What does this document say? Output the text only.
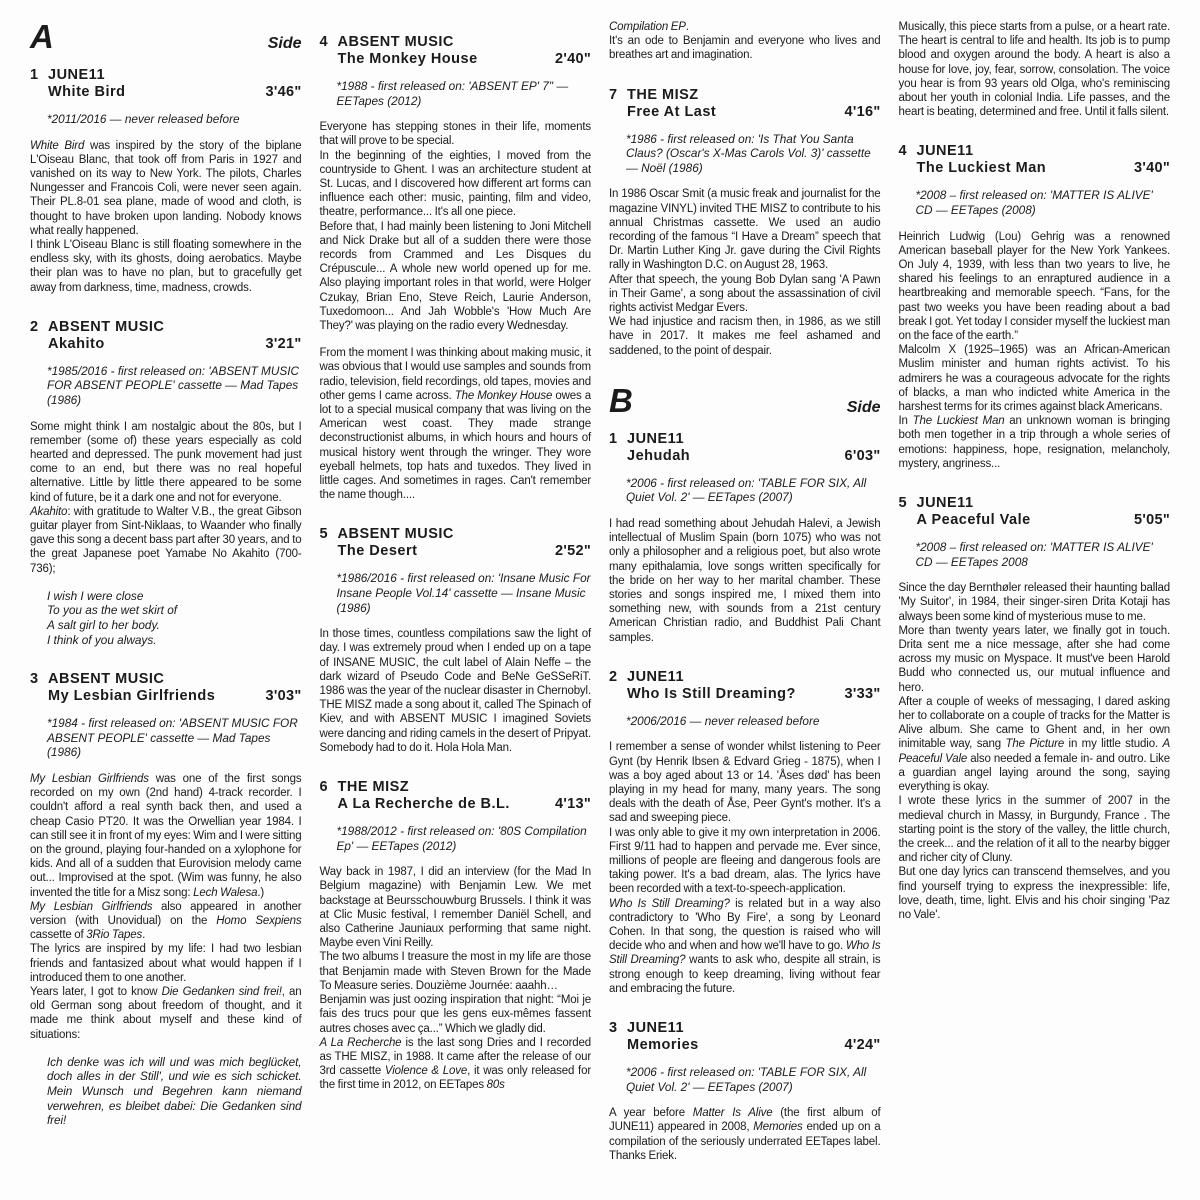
A	Side
1 JUNE11
White Bird	3'46"
*2011/2016 — never released before

White Bird was inspired by the story of the biplane L'Oiseau Blanc, that took off from Paris in 1927 and vanished on its way to New York. The pilots, Charles Nungesser and Francois Coli, were never seen again. Their PL.8-01 sea plane, made of wood and cloth, is thought to have broken upon landing. Nobody knows what really happened.

I think L'Oiseau Blanc is still floating somewhere in the endless sky, with its ghosts, doing aerobatics. Maybe their plan was to have no plan, but to gracefully get away from darkness, time, madness, crowds.

2 ABSENT MUSIC
Akahito	3'21"
*1985/2016 - first released on: 'ABSENT MUSIC FOR ABSENT PEOPLE' cassette — Mad Tapes (1986)

Some might think I am nostalgic about the 80s, but I remember (some of) these years especially as cold hearted and depressed. The punk movement had just come to an end, but there was no real hopeful alternative. Little by little there appeared to be some kind of future, be it a dark one and not for everyone.

Akahito: with gratitude to Walter V.B., the great Gibson guitar player from Sint-Niklaas, to Waander who finally gave this song a decent bass part after 30 years, and to the great Japanese poet Yamabe No Akahito (700-736);

I wish I were close
To you as the wet skirt of
A salt girl to her body.
I think of you always.
3 ABSENT MUSIC
My Lesbian Girlfriends	3'03"
*1984 - first released on: 'ABSENT MUSIC FOR ABSENT PEOPLE' cassette — Mad Tapes (1986)

My Lesbian Girlfriends was one of the first songs recorded on my own (2nd hand) 4-track recorder. I couldn't afford a real synth back then, and used a cheap Casio PT20. It was the Orwellian year 1984. I can still see it in front of my eyes: Wim and I were sitting on the ground, playing four-handed on a xylophone for kids. And all of a sudden that Eurovision melody came out... Improvised at the spot. (Wim was funny, he also invented the title for a Misz song: Lech Walesa.)

My Lesbian Girlfriends also appeared in another version (with Unovidual) on the Homo Sexpiens cassette of 3Rio Tapes.

The lyrics are inspired by my life: I had two lesbian friends and fantasized about what would happen if I introduced them to one another.

Years later, I got to know Die Gedanken sind frei!, an old German song about freedom of thought, and it made me think about myself and these kind of situations:

Ich denke was ich will und was mich beglücket, doch alles in der Still', und wie es sich schicket. Mein Wunsch und Begehren kann niemand verwehren, es bleibet dabei: Die Gedanken sind frei!
4 ABSENT MUSIC
The Monkey House	2'40"
*1988 - first released on: 'ABSENT EP' 7" — EETapes (2012)

Everyone has stepping stones in their life, moments that will prove to be special.

In the beginning of the eighties, I moved from the countryside to Ghent. I was an architecture student at St. Lucas, and I discovered how different art forms can influence each other: music, painting, film and video, theatre, performance... It's all one piece.

Before that, I had mainly been listening to Joni Mitchell and Nick Drake but all of a sudden there were those records from Crammed and Les Disques du Crépuscule... A whole new world opened up for me. Also playing important roles in that world, were Holger Czukay, Brian Eno, Steve Reich, Laurie Anderson, Tuxedomoon... And Jah Wobble's 'How Much Are They?' was playing on the radio every Wednesday.

From the moment I was thinking about making music, it was obvious that I would use samples and sounds from radio, television, field recordings, old tapes, movies and other gems I came across. The Monkey House owes a lot to a special musical company that was living on the American west coast. They made strange deconstructionist albums, in which hours and hours of musical history went through the wringer. They wore eyeball helmets, top hats and tuxedos. They lived in little cages. And sometimes in rages. Can't remember the name though....

5 ABSENT MUSIC
The Desert	2'52"
*1986/2016 - first released on: 'Insane Music For Insane People Vol.14' cassette — Insane Music (1986)

In those times, countless compilations saw the light of day. I was extremely proud when I ended up on a tape of INSANE MUSIC, the cult label of Alain Neffe – the dark wizard of Pseudo Code and BeNe GeSSeRiT. 1986 was the year of the nuclear disaster in Chernobyl. THE MISZ made a song about it, called The Spinach of Kiev, and with ABSENT MUSIC I imagined Soviets were dancing and riding camels in the desert of Pripyat. Somebody had to do it. Hola Hola Man.

6 THE MISZ
A La Recherche de B.L.	4'13"
*1988/2012 - first released on: '80S Compilation Ep' — EETapes (2012)

Way back in 1987, I did an interview (for the Mad In Belgium magazine) with Benjamin Lew. We met backstage at Beursschouwburg Brussels. I think it was at Clic Music festival, I remember Daniël Schell, and also Catherine Jauniaux performing that same night. Maybe even Vini Reilly.

The two albums I treasure the most in my life are those that Benjamin made with Steven Brown for the Made To Measure series. Douzième Journée: aaahh…

Benjamin was just oozing inspiration that night: “Moi je fais des trucs pour que les gens eux-mêmes fassent autres choses avec ça...” Which we gladly did.

A La Recherche is the last song Dries and I recorded as THE MISZ, in 1988. It came after the release of our 3rd cassette Violence & Love, it was only released for the first time in 2012, on EETapes 80s

Compilation EP.

It's an ode to Benjamin and everyone who lives and breathes art and imagination.

7 THE MISZ
Free At Last	4'16"
*1986 - first released on: 'Is That You Santa Claus? (Oscar's X-Mas Carols Vol. 3)' cassette — Noël (1986)

In 1986 Oscar Smit (a music freak and journalist for the magazine VINYL) invited THE MISZ to contribute to his annual Christmas cassette. We used an audio recording of the famous “I Have a Dream” speech that Dr. Martin Luther King Jr. gave during the Civil Rights rally in Washington D.C. on August 28, 1963.

After that speech, the young Bob Dylan sang 'A Pawn in Their Game', a song about the assassination of civil rights activist Medgar Evers.

We had injustice and racism then, in 1986, as we still have in 2017. It makes me feel ashamed and saddened, to the point of despair.

B	Side
1 JUNE11
Jehudah	6'03"
*2006 - first released on: 'TABLE FOR SIX, All Quiet Vol. 2' — EETapes (2007)

I had read something about Jehudah Halevi, a Jewish intellectual of Muslim Spain (born 1075) who was not only a philosopher and a religious poet, but also wrote many epithalamia, love songs written specifically for the bride on her way to her marital chamber. These stories and songs inspired me, I mixed them into something new, with sounds from a 21st century American Christian radio, and Buddhist Pali Chant samples.

2 JUNE11
Who Is Still Dreaming?	3'33"
*2006/2016 — never released before

I remember a sense of wonder whilst listening to Peer Gynt (by Henrik Ibsen & Edvard Grieg - 1875), when I was a boy aged about 13 or 14. 'Åses død' has been playing in my head for many, many years. The song deals with the death of Åse, Peer Gynt's mother. It's a sad and sweeping piece.

I was only able to give it my own interpretation in 2006. First 9/11 had to happen and pervade me. Ever since, millions of people are fleeing and dangerous fools are taking power. It's a bad dream, alas. The lyrics have been recorded with a text-to-speech-application.

Who Is Still Dreaming? is related but in a way also contradictory to 'Who By Fire', a song by Leonard Cohen. In that song, the question is raised who will decide who and when and how we'll have to go. Who Is Still Dreaming? wants to ask who, despite all strain, is strong enough to keep dreaming, living without fear and embracing the future.

3 JUNE11
Memories	4'24"
*2006 - first released on: 'TABLE FOR SIX, All Quiet Vol. 2' — EETapes (2007)

A year before Matter Is Alive (the first album of JUNE11) appeared in 2008, Memories ended up on a compilation of the seriously underrated EETapes label. Thanks Eriek.

Musically, this piece starts from a pulse, or a heart rate. The heart is central to life and health. Its job is to pump blood and oxygen around the body. A heart is also a house for love, joy, fear, sorrow, consolation. The voice you hear is from 93 years old Olga, who's reminiscing about her youth in colonial India. Life passes, and the heart is beating, determined and free. Until it falls silent.

4 JUNE11
The Luckiest Man	3'40"
*2008 – first released on: 'MATTER IS ALIVE' CD — EETapes (2008)

Heinrich Ludwig (Lou) Gehrig was a renowned American baseball player for the New York Yankees. On July 4, 1939, with less than two years to live, he shared his feelings to an enraptured audience in a heartbreaking and memorable speech. “Fans, for the past two weeks you have been reading about a bad break I got. Yet today I consider myself the luckiest man on the face of the earth.”

Malcolm X (1925–1965) was an African-American Muslim minister and human rights activist. To his admirers he was a courageous advocate for the rights of blacks, a man who indicted white America in the harshest terms for its crimes against black Americans.

In The Luckiest Man an unknown woman is bringing both men together in a trip through a whole series of emotions: happiness, hope, resignation, melancholy, mystery, angriness...

5 JUNE11
A Peaceful Vale	5'05"
*2008 – first released on: 'MATTER IS ALIVE' CD — EETapes 2008

Since the day Bernthøler released their haunting ballad 'My Suitor', in 1984, their singer-siren Drita Kotaji has always been some kind of mysterious muse to me.

More than twenty years later, we finally got in touch. Drita sent me a nice message, after she had come across my music on Myspace. It must've been Harold Budd who connected us, our mutual influence and hero.

After a couple of weeks of messaging, I dared asking her to collaborate on a couple of tracks for the Matter is Alive album. She came to Ghent and, in her own inimitable way, sang The Picture in my little studio. A Peaceful Vale also needed a female in- and outro. Like a guardian angel laying around the song, saying everything is okay.

I wrote these lyrics in the summer of 2007 in the medieval church in Massy, in Burgundy, France . The starting point is the story of the valley, the little church, the creek... and the relation of it all to the nearby bigger and richer city of Cluny.

But one day lyrics can transcend themselves, and you find yourself trying to express the inexpressible: life, love, death, time, light. Elvis and his choir singing 'Paz no Vale'.
